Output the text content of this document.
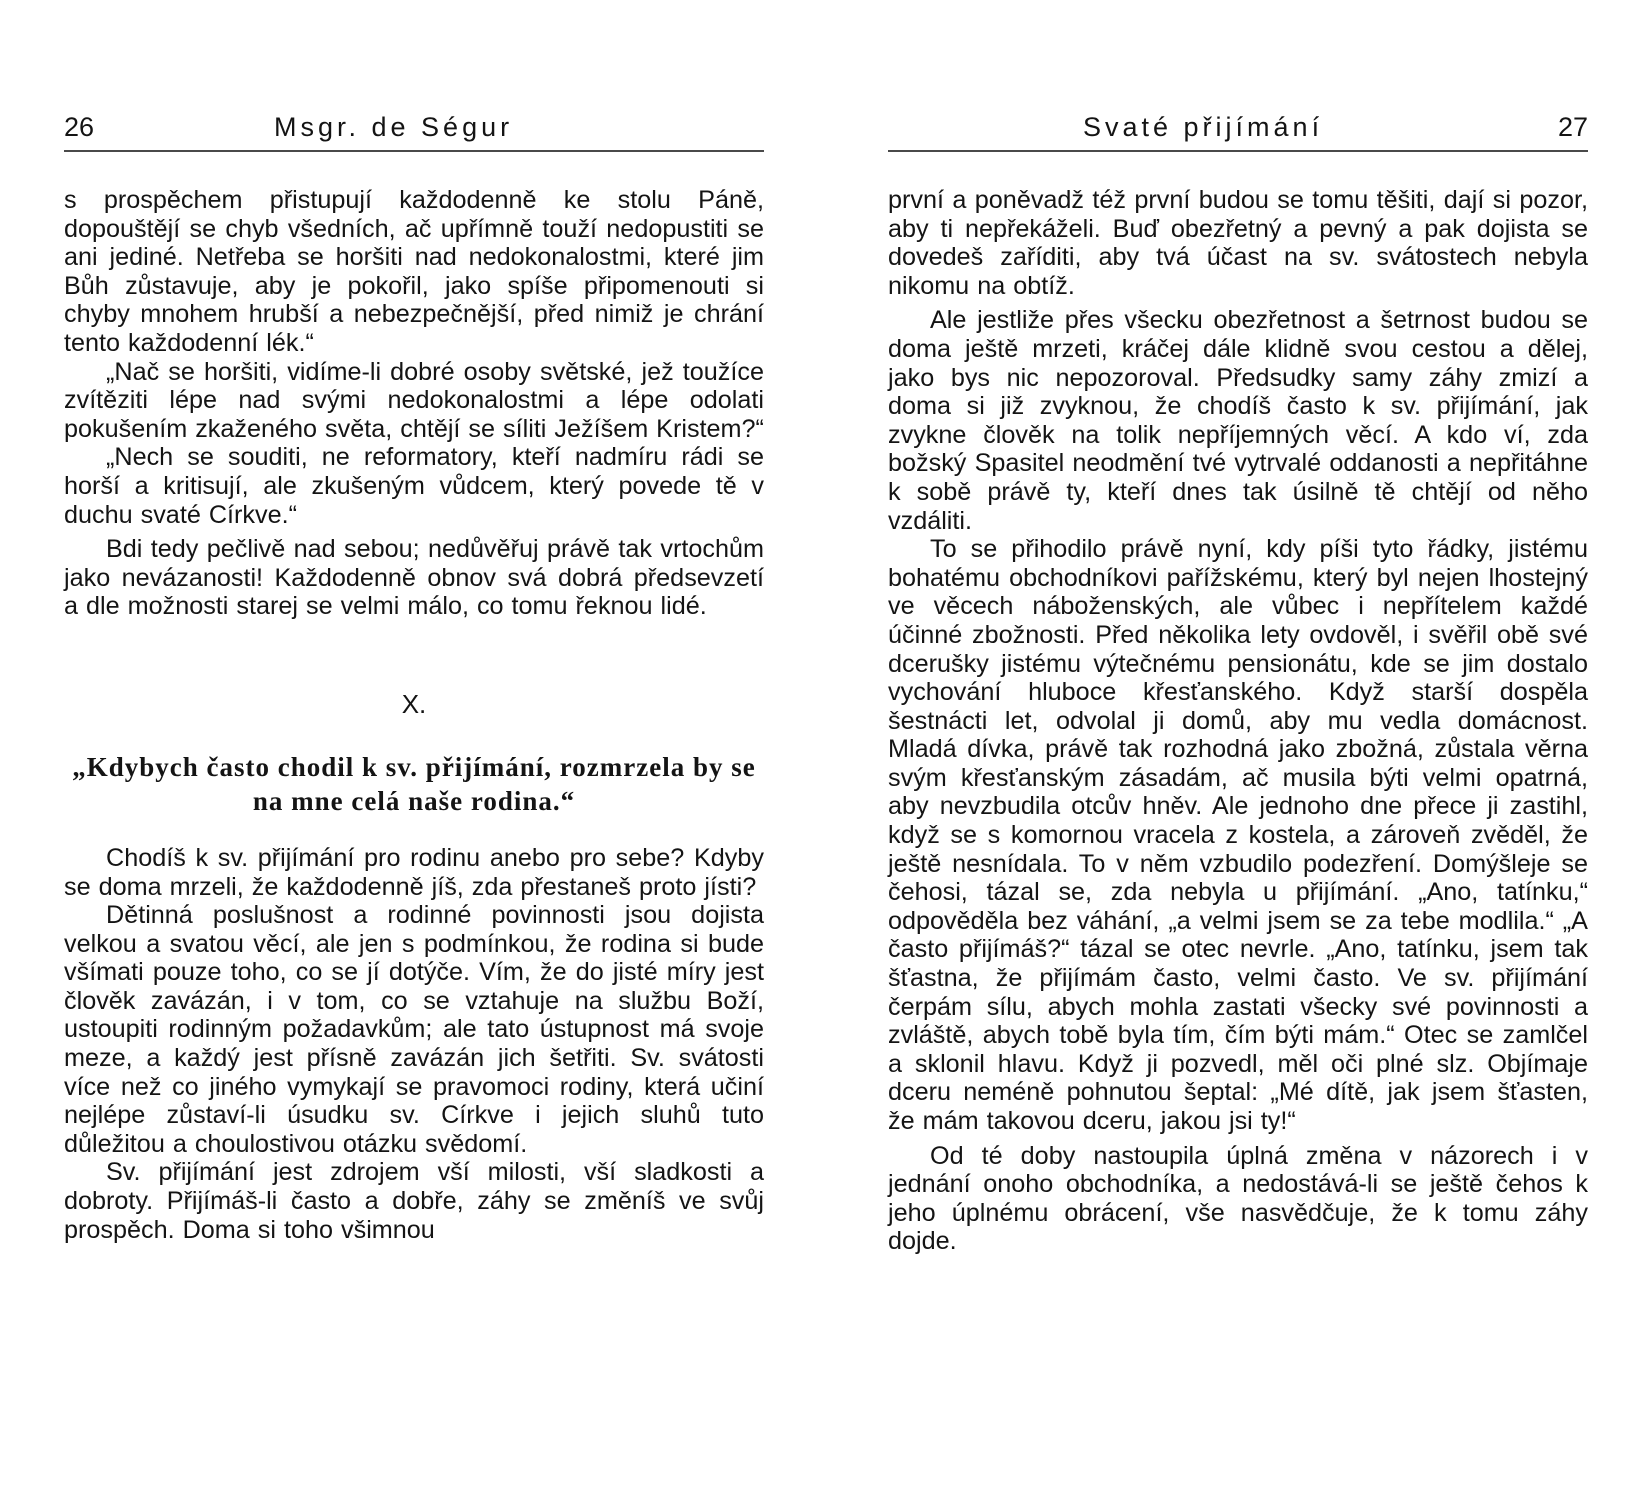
26	Msgr. de Ségur

s prospěchem přistupují každodenně ke stolu Páně, dopouštějí se chyb všedních, ač upřímně touží nedopustiti se ani jediné. Netřeba se horšiti nad nedokonalostmi, které jim Bůh zůstavuje, aby je pokořil, jako spíše připomenouti si chyby mnohem hrubší a nebezpečnější, před nimiž je chrání tento každodenní lék.“

„Nač se horšiti, vidíme-li dobré osoby světské, jež toužíce zvítěziti lépe nad svými nedokonalostmi a lépe odolati pokušením zkaženého světa, chtějí se síliti Ježíšem Kristem?“

„Nech se souditi, ne reformatory, kteří nadmíru rádi se horší a kritisují, ale zkušeným vůdcem, který povede tě v duchu svaté Církve.“

Bdi tedy pečlivě nad sebou; nedůvěřuj právě tak vrtochům jako nevázanosti! Každodenně obnov svá dobrá předsevzetí a dle možnosti starej se velmi málo, co tomu řeknou lidé.

X.
„Kdybych často chodil k sv. přijímání, rozmrzela by se na mne celá naše rodina.“

Chodíš k sv. přijímání pro rodinu anebo pro sebe? Kdyby se doma mrzeli, že každodenně jíš, zda přestaneš proto jísti?

Dětinná poslušnost a rodinné povinnosti jsou dojista velkou a svatou věcí, ale jen s podmínkou, že rodina si bude všímati pouze toho, co se jí dotýče. Vím, že do jisté míry jest člověk zavázán, i v tom, co se vztahuje na službu Boží, ustoupiti rodinným požadavkům; ale tato ústupnost má svoje meze, a každý jest přísně zavázán jich šetřiti. Sv. svátosti více než co jiného vymykají se pravomoci rodiny, která učiní nejlépe zůstaví-li úsudku sv. Církve i jejich sluhů tuto důležitou a choulostivou otázku svědomí.

Sv. přijímání jest zdrojem vší milosti, vší sladkosti a dobroty. Přijímáš-li často a dobře, záhy se změníš ve svůj prospěch. Doma si toho všimnou

Svaté přijímání	27

první a poněvadž též první budou se tomu těšiti, dají si pozor, aby ti nepřekáželi. Buď obezřetný a pevný a pak dojista se dovedeš zaříditi, aby tvá účast na sv. svátostech nebyla nikomu na obtíž.

Ale jestliže přes všecku obezřetnost a šetrnost budou se doma ještě mrzeti, kráčej dále klidně svou cestou a dělej, jako bys nic nepozoroval. Předsudky samy záhy zmizí a doma si již zvyknou, že chodíš často k sv. přijímání, jak zvykne člověk na tolik nepříjemných věcí. A kdo ví, zda božský Spasitel neodmění tvé vytrvalé oddanosti a nepřitáhne k sobě právě ty, kteří dnes tak úsilně tě chtějí od něho vzdáliti.

To se přihodilo právě nyní, kdy píši tyto řádky, jistému bohatému obchodníkovi pařížskému, který byl nejen lhostejný ve věcech náboženských, ale vůbec i nepřítelem každé účinné zbožnosti. Před několika lety ovdověl, i svěřil obě své dcerušky jistému výtečnému pensionátu, kde se jim dostalo vychování hluboce křesťanského. Když starší dospěla šestnácti let, odvolal ji domů, aby mu vedla domácnost. Mladá dívka, právě tak rozhodná jako zbožná, zůstala věrna svým křesťanským zásadám, ač musila býti velmi opatrná, aby nevzbudila otcův hněv. Ale jednoho dne přece ji zastihl, když se s komornou vracela z kostela, a zároveň zvěděl, že ještě nesnídala. To v něm vzbudilo podezření. Domýšleje se čehosi, tázal se, zda nebyla u přijímání. „Ano, tatínku,“ odpověděla bez váhání, „a velmi jsem se za tebe modlila.“ „A často přijímáš?“ tázal se otec nevrle. „Ano, tatínku, jsem tak šťastna, že přijímám často, velmi často. Ve sv. přijímání čerpám sílu, abych mohla zastati všecky své povinnosti a zvláště, abych tobě byla tím, čím býti mám.“ Otec se zamlčel a sklonil hlavu. Když ji pozvedl, měl oči plné slz. Objímaje dceru neméně pohnutou šeptal: „Mé dítě, jak jsem šťasten, že mám takovou dceru, jakou jsi ty!“

Od té doby nastoupila úplná změna v názorech i v jednání onoho obchodníka, a nedostává-li se ještě čehos k jeho úplnému obrácení, vše nasvědčuje, že k tomu záhy dojde.
